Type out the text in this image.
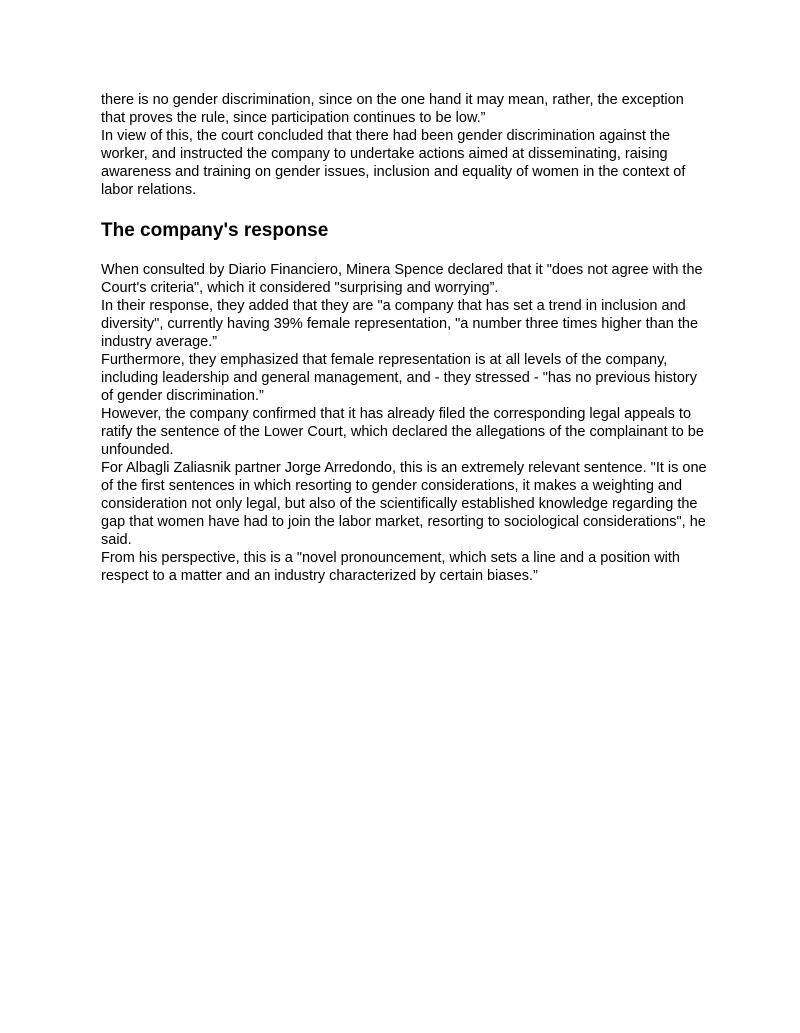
there is no gender discrimination, since on the one hand it may mean, rather, the exception that proves the rule, since participation continues to be low.”

In view of this, the court concluded that there had been gender discrimination against the worker, and instructed the company to undertake actions aimed at disseminating, raising awareness and training on gender issues, inclusion and equality of women in the context of labor relations.

The company's response

When consulted by Diario Financiero, Minera Spence declared that it "does not agree with the Court's criteria", which it considered "surprising and worrying”.

In their response, they added that they are "a company that has set a trend in inclusion and diversity", currently having 39% female representation, "a number three times higher than the industry average.”

Furthermore, they emphasized that female representation is at all levels of the company, including leadership and general management, and - they stressed - "has no previous history of gender discrimination.”

However, the company confirmed that it has already filed the corresponding legal appeals to ratify the sentence of the Lower Court, which declared the allegations of the complainant to be unfounded.

For Albagli Zaliasnik partner Jorge Arredondo, this is an extremely relevant sentence. "It is one of the first sentences in which resorting to gender considerations, it makes a weighting and consideration not only legal, but also of the scientifically established knowledge regarding the gap that women have had to join the labor market, resorting to sociological considerations", he said.

From his perspective, this is a "novel pronouncement, which sets a line and a position with respect to a matter and an industry characterized by certain biases.”
